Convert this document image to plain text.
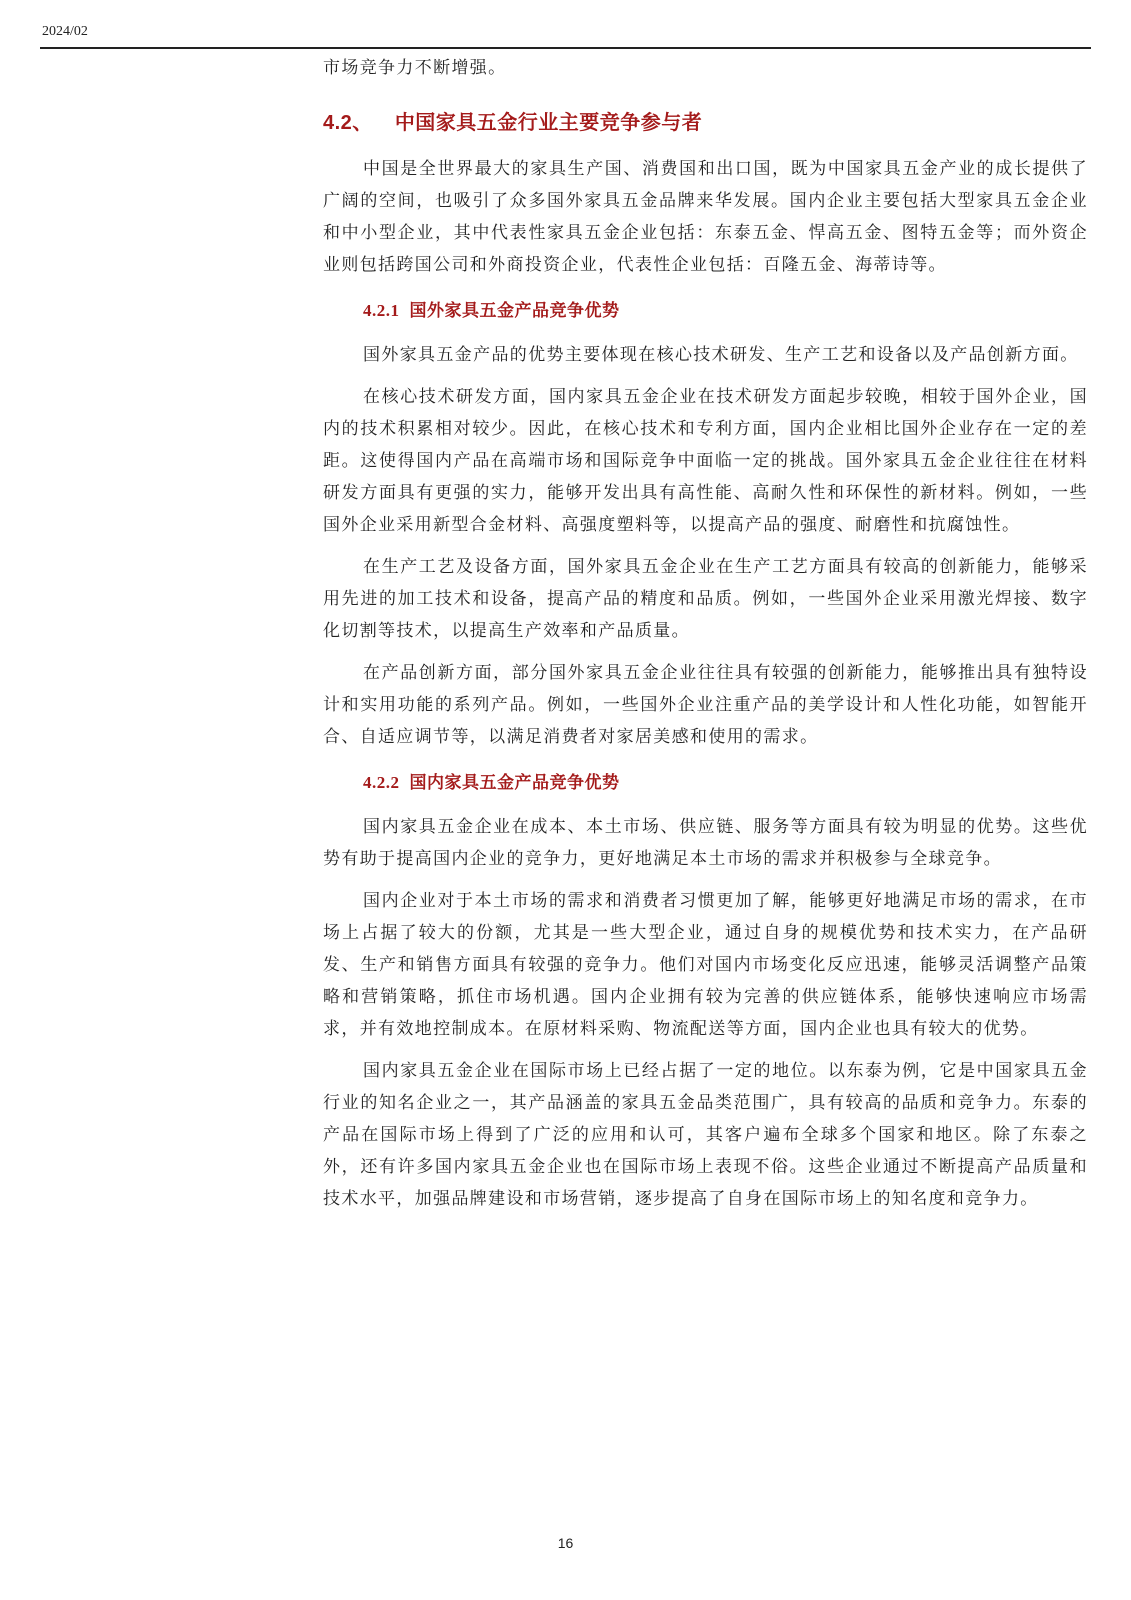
2024/02

市场竞争力不断增强。

4.2、 中国家具五金行业主要竞争参与者

中国是全世界最大的家具生产国、消费国和出口国，既为中国家具五金产业的成长提供了广阔的空间，也吸引了众多国外家具五金品牌来华发展。国内企业主要包括大型家具五金企业和中小型企业，其中代表性家具五金企业包括：东泰五金、悍高五金、图特五金等；而外资企业则包括跨国公司和外商投资企业，代表性企业包括：百隆五金、海蒂诗等。

4.2.1 国外家具五金产品竞争优势

国外家具五金产品的优势主要体现在核心技术研发、生产工艺和设备以及产品创新方面。

在核心技术研发方面，国内家具五金企业在技术研发方面起步较晚，相较于国外企业，国内的技术积累相对较少。因此，在核心技术和专利方面，国内企业相比国外企业存在一定的差距。这使得国内产品在高端市场和国际竞争中面临一定的挑战。国外家具五金企业往往在材料研发方面具有更强的实力，能够开发出具有高性能、高耐久性和环保性的新材料。例如，一些国外企业采用新型合金材料、高强度塑料等，以提高产品的强度、耐磨性和抗腐蚀性。

在生产工艺及设备方面，国外家具五金企业在生产工艺方面具有较高的创新能力，能够采用先进的加工技术和设备，提高产品的精度和品质。例如，一些国外企业采用激光焊接、数字化切割等技术，以提高生产效率和产品质量。

在产品创新方面，部分国外家具五金企业往往具有较强的创新能力，能够推出具有独特设计和实用功能的系列产品。例如，一些国外企业注重产品的美学设计和人性化功能，如智能开合、自适应调节等，以满足消费者对家居美感和使用的需求。

4.2.2 国内家具五金产品竞争优势

国内家具五金企业在成本、本土市场、供应链、服务等方面具有较为明显的优势。这些优势有助于提高国内企业的竞争力，更好地满足本土市场的需求并积极参与全球竞争。

国内企业对于本土市场的需求和消费者习惯更加了解，能够更好地满足市场的需求，在市场上占据了较大的份额，尤其是一些大型企业，通过自身的规模优势和技术实力，在产品研发、生产和销售方面具有较强的竞争力。他们对国内市场变化反应迅速，能够灵活调整产品策略和营销策略，抓住市场机遇。国内企业拥有较为完善的供应链体系，能够快速响应市场需求，并有效地控制成本。在原材料采购、物流配送等方面，国内企业也具有较大的优势。

国内家具五金企业在国际市场上已经占据了一定的地位。以东泰为例，它是中国家具五金行业的知名企业之一，其产品涵盖的家具五金品类范围广，具有较高的品质和竞争力。东泰的产品在国际市场上得到了广泛的应用和认可，其客户遍布全球多个国家和地区。除了东泰之外，还有许多国内家具五金企业也在国际市场上表现不俗。这些企业通过不断提高产品质量和技术水平，加强品牌建设和市场营销，逐步提高了自身在国际市场上的知名度和竞争力。

16
